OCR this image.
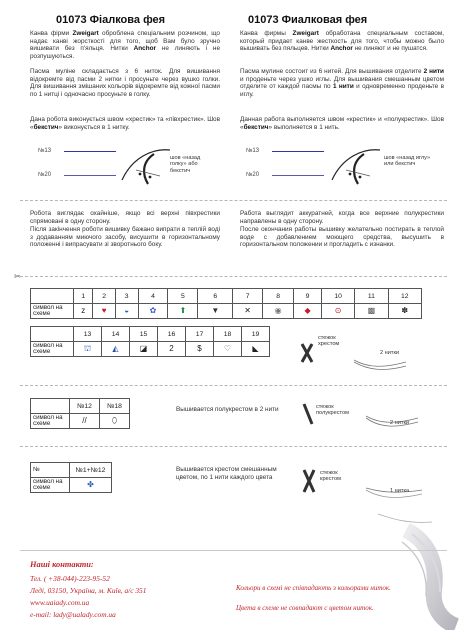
01073 Фіалкова фея
Канва фірми Zweigart оброблена спеціальним розчином, що надає канві жорсткості для того, щоб Вам було зручно вишивати без п'яльця. Нитки Anchor не линяють і не розпушуються.
Пасма муліне складається з 6 ниток. Для вишивання відокремте від пасми 2 нитки і просуньте через вушко голки. Для вишивання змішаних кольорів відокремте від кожної пасми по 1 нитці і одночасно просуньте в голку.
Дана робота виконується швом «хрестик» та «півхрестик». Шов «бекстич» виконується в 1 нитку.
01073 Фиалковая фея
Канва фирмы Zweigart обработана специальным составом, который придает канве жесткость для того, чтобы можно было вышивать без пяльцев. Нитки Anchor не линяют и не пушатся.
Пасма мулине состоит из 6 нитей. Для вышивания отделите 2 нити и проденьте через ушко иглы. Для вышивания смешанным цветом отделите от каждой пасмы по 1 нити и одновременно проденьте в иглу.
Данная работа выполняется швом «крестик» и «полукрестик». Шов «бекстич» выполняется в 1 нить.
№13
№20
шов «назад голку» або бекстич
№13
№20
шов «назад иглу» или бекстич
Робота виглядає охайніше, якщо всі верхні півхрестики спрямовані в одну сторону.
Після закінчення роботи вишивку бажано випрати в теплій воді з додаванням миючого засобу, висушити в горизонтальному положенні і випрасувати зі зворотнього боку.
Работа выглядит аккуратней, когда все верхние полукрестики направлены в одну сторону.
После окончания работы вышивку желательно постирать в теплой воде с добавлением моющего средства, высушить в горизонтальном положении и прогладить с изнанки.
✂
	1	2	3	4	5	6	7	8	9	10	11	12
символ на схеме	z	♥	◒	✿	⬆	▼	✕	◉	◆	⊙	▩	✽
	13	14	15	16	17	18	19
символ на схеме	⛫	◭	◪	2	$	♡	◣
стежок хрестом
2 нитки
	№12	№18
символ на схеме	//	⬯
Вышивается полукрестом в 2 нити	стежок полукрестом
2 нитки
№	№1+№12
символ на схеме	✤
Вышивается крестом смешанным цветом, по 1 нити каждого цвета
стежок крестом
1 нитка
Наші контакти:
Тел. ( +38-044)-223-95-52
Леді, 03150, Україна, м. Київ, а/с 351
www.uaiady.com.ua
e-mail: lady@ualady.com.ua
Кольори в схемі не співпадають з кольорами ниток.
Цвета в схеме не совпадают с цветом ниток.
